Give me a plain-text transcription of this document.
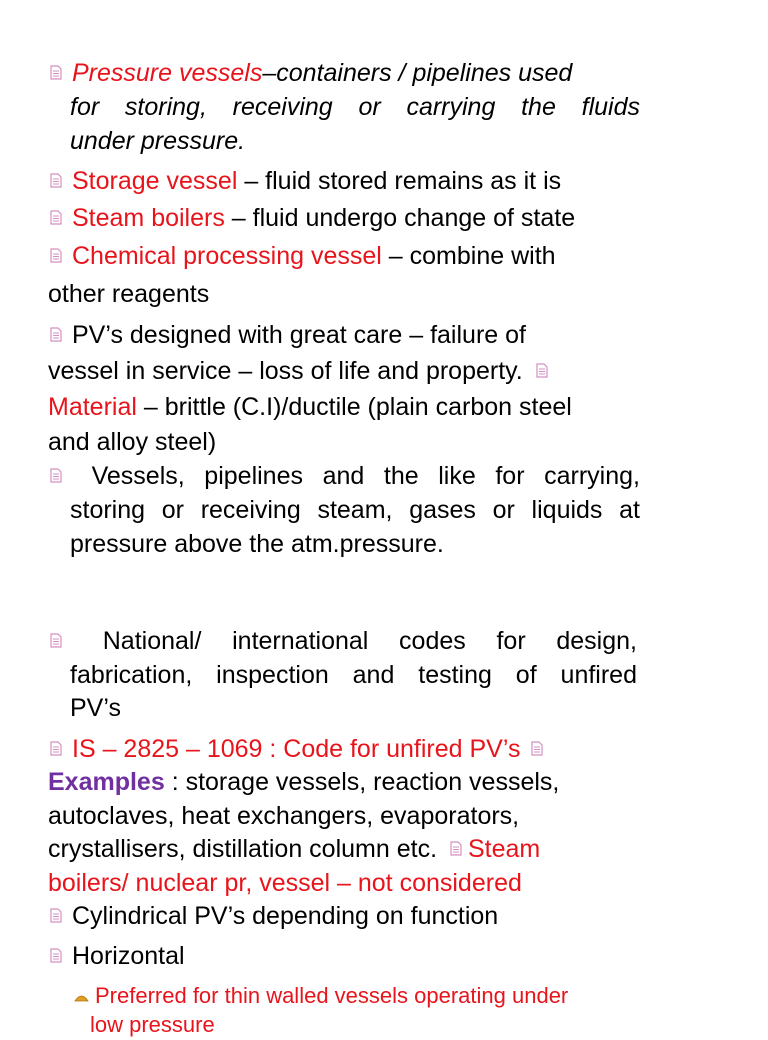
Pressure vessels–containers / pipelines used
for storing, receiving or carrying the fluids
under pressure.
Storage vessel – fluid stored remains as it is
Steam boilers – fluid undergo change of state
Chemical processing vessel – combine with
other reagents
PV’s designed with great care – failure of
vessel in service – loss of life and property.
Material – brittle (C.I)/ductile (plain carbon steel
and alloy steel)
Vessels, pipelines and the like for carrying,
storing or receiving steam, gases or liquids at
pressure above the atm.pressure.
National/ international codes for design,
fabrication, inspection and testing of unfired
PV’s
IS – 2825 – 1069 : Code for unfired PV’s
Examples : storage vessels, reaction vessels,
autoclaves, heat exchangers, evaporators,
crystallisers, distillation column etc. Steam
boilers/ nuclear pr, vessel – not considered
Cylindrical PV’s depending on function
Horizontal
Preferred for thin walled vessels operating under
low pressure
